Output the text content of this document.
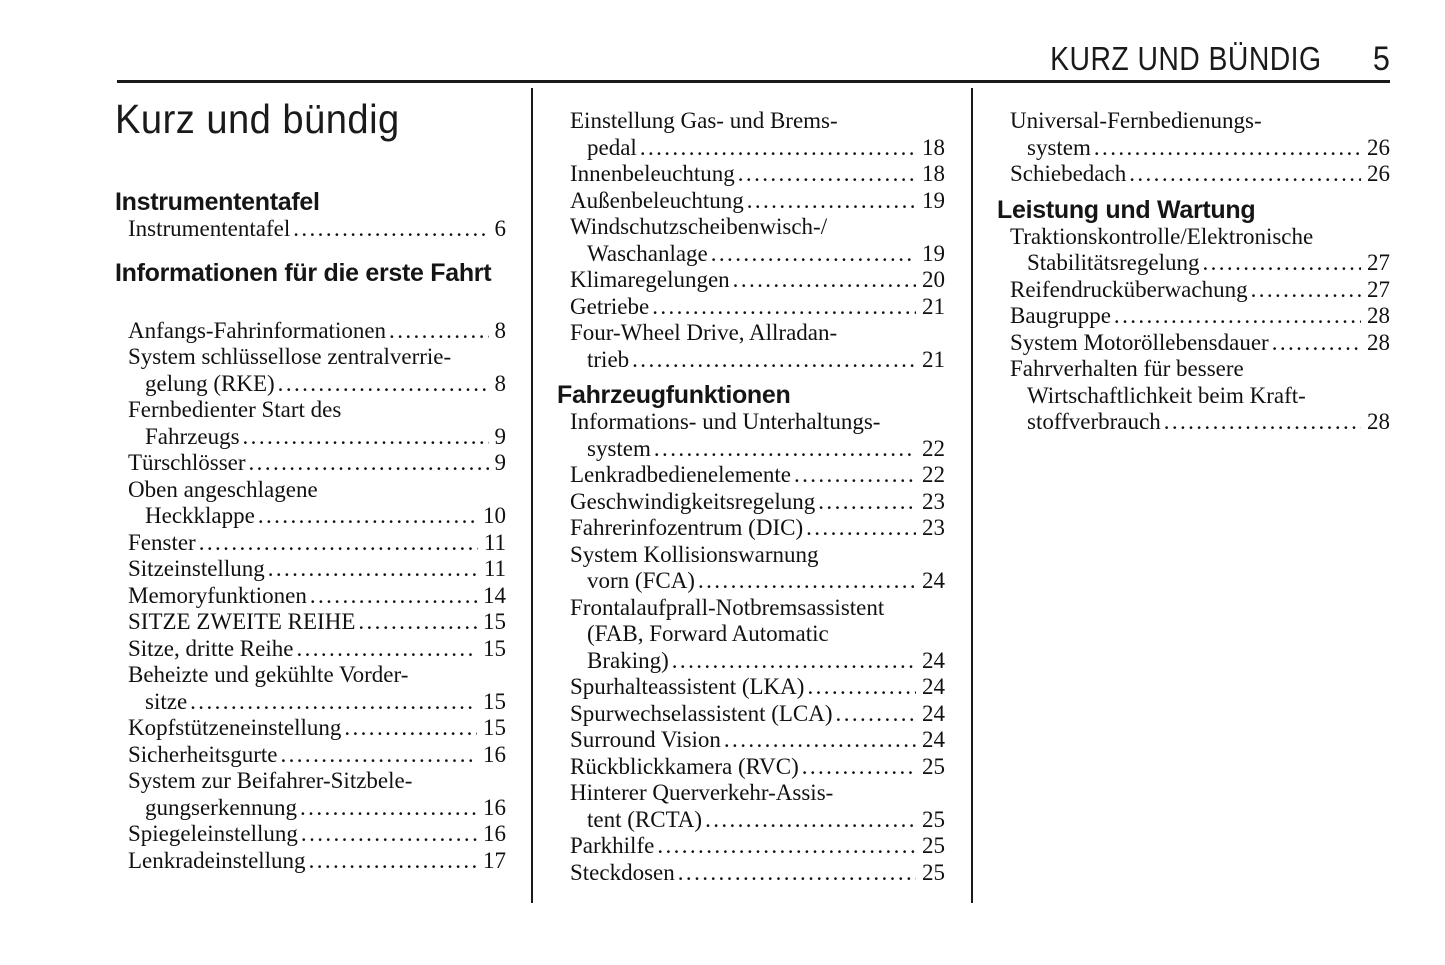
KURZ UND BÜNDIG 5
Kurz und bündig
Instrumententafel
Instrumententafel .....	6
Informationen für die erste Fahrt
Anfangs-Fahrinformationen .....	8
System schlüssellose zentralverrie-
gelung (RKE) .....	8
Fernbedienter Start des
Fahrzeugs .....	9
Türschlösser .....	9
Oben angeschlagene
Heckklappe .....	10
Fenster .....	11
Sitzeinstellung .....	11
Memoryfunktionen .....	14
SITZE ZWEITE REIHE .....	15
Sitze, dritte Reihe .....	15
Beheizte und gekühlte Vorder-
sitze .....	15
Kopfstützeneinstellung .....	15
Sicherheitsgurte .....	16
System zur Beifahrer-Sitzbele-
gungserkennung .....	16
Spiegeleinstellung .....	16
Lenkradeinstellung .....	17
Einstellung Gas- und Brems-
pedal .....	18
Innenbeleuchtung .....	18
Außenbeleuchtung .....	19
Windschutzscheibenwisch-/
Waschanlage .....	19
Klimaregelungen .....	20
Getriebe .....	21
Four-Wheel Drive, Allradan-
trieb .....	21
Fahrzeugfunktionen
Informations- und Unterhaltungs-
system .....	22
Lenkradbedienelemente .....	22
Geschwindigkeitsregelung .....	23
Fahrerinfozentrum (DIC) .....	23
System Kollisionswarnung
vorn (FCA) .....	24
Frontalaufprall-Notbremsassistent
(FAB, Forward Automatic
Braking) .....	24
Spurhalteassistent (LKA) .....	24
Spurwechselassistent (LCA) .....	24
Surround Vision .....	24
Rückblickkamera (RVC) .....	25
Hinterer Querverkehr-Assis-
tent (RCTA) .....	25
Parkhilfe .....	25
Steckdosen .....	25
Universal-Fernbedienungs-
system .....	26
Schiebedach .....	26
Leistung und Wartung
Traktionskontrolle/Elektronische
Stabilitätsregelung .....	27
Reifendrucküberwachung .....	27
Baugruppe .....	28
System Motoröllebensdauer .....	28
Fahrverhalten für bessere
Wirtschaftlichkeit beim Kraft-
stoffverbrauch .....	28
